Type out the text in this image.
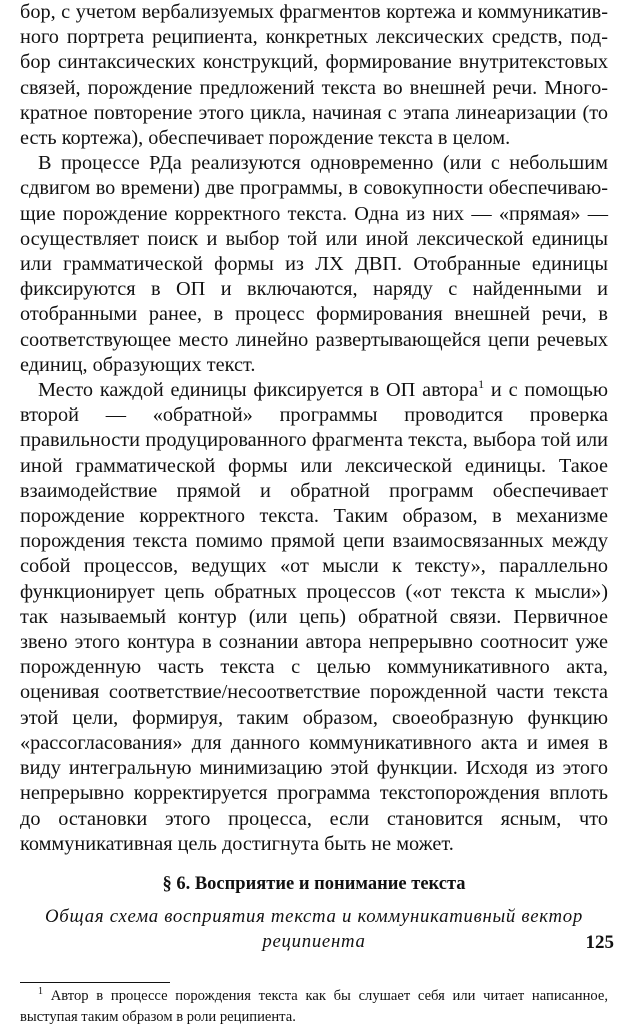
бор, с учетом вербализуемых фрагментов кортежа и коммуникативного портрета реципиента, конкретных лексических средств, подбор синтаксических конструкций, формирование внутритекстовых связей, порождение предложений текста во внешней речи. Многократное повторение этого цикла, начиная с этапа линеаризации (то есть кортежа), обеспечивает порождение текста в целом.

В процессе РДа реализуются одновременно (или с небольшим сдвигом во времени) две программы, в совокупности обеспечивающие порождение корректного текста. Одна из них — «прямая» — осуществляет поиск и выбор той или иной лексической единицы или грамматической формы из ЛХ ДВП. Отобранные единицы фиксируются в ОП и включаются, наряду с найденными и отобранными ранее, в процесс формирования внешней речи, в соответствующее место линейно развертывающейся цепи речевых единиц, образующих текст.

Место каждой единицы фиксируется в ОП автора$^1$ и с помощью второй — «обратной» программы проводится проверка правильности продуцированного фрагмента текста, выбора той или иной грамматической формы или лексической единицы. Такое взаимодействие прямой и обратной программ обеспечивает порождение корректного текста. Таким образом, в механизме порождения текста помимо прямой цепи взаимосвязанных между собой процессов, ведущих «от мысли к тексту», параллельно функционирует цепь обратных процессов («от текста к мысли») так называемый контур (или цепь) обратной связи. Первичное звено этого контура в сознании автора непрерывно соотносит уже порожденную часть текста с целью коммуникативного акта, оценивая соответствие/несоответствие порожденной части текста этой цели, формируя, таким образом, своеобразную функцию «рассогласования» для данного коммуникативного акта и имея в виду интегральную минимизацию этой функции. Исходя из этого непрерывно корректируется программа текстопорождения вплоть до остановки этого процесса, если становится ясным, что коммуникативная цель достигнута быть не может.

§ 6. Восприятие и понимание текста
Общая схема восприятия текста и коммуникативный вектор реципиента

$^1$ Автор в процессе порождения текста как бы слушает себя или читает написанное, выступая таким образом в роли реципиента.

125
